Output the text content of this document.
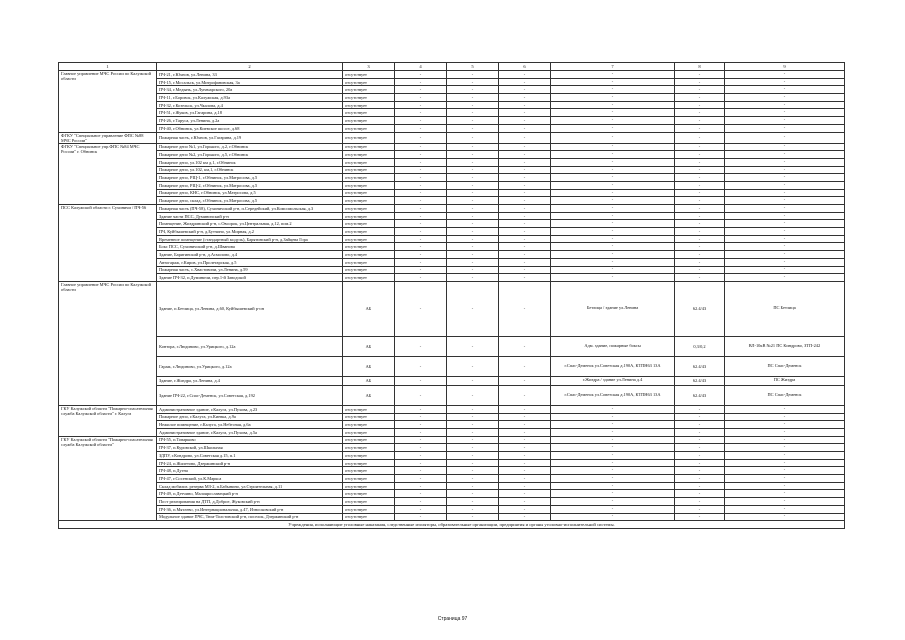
1	2	3	4	5	6	7	8	9
Главное управление МЧС России по Калужской области	ПЧ-21, г.Юхнов, ул.Ленина, 33	отсутствует	-	-	-	-	-	-
	ПЧ-15, г.Мосальск, ул.Митрофановская, 3а	отсутствует	-	-	-	-	-	-
	ПЧ-34, г.Медынь, ул.Луначарского, 20а	отсутствует	-	-	-	-	-	-
	ПЧ-11, г.Боровск, ул.Калужская, д.93а	отсутствует	-	-	-	-	-	-
	ПЧ-32, г.Козельск, ул.Чкалова, д.4	отсутствует	-	-	-	-	-	-
	ПЧ-51, г.Жуков, ул.Гагарина, д.18	отсутствует	-	-	-	-	-	-
	ПЧ-26, г.Таруса, ул.Ленина, д.2а	отсутствует	-	-	-	-	-	-
	ПЧ-40, г.Обнинск, ул.Киевское шоссе, д.68	отсутствует	-	-	-	-	-	-
ФГКУ "Специальное управление ФПС №88 МЧС России"	Пожарная часть, г.Юхнов, ул.Гагарина, д.19	отсутствует	-	-	-	-	-	-
ФГКУ "Специальное упр.ФПС №84 МЧС России" г. Обнинск	Пожарное депо №1, ул.Горького, д.2, г.Обнинск	отсутствует	-	-	-	-	-	-
	Пожарное депо №2, ул.Горького, д.5, г.Обнинск	отсутствует	-	-	-	-	-	-
	Пожарное депо, ул.102 км д.1, г.Обнинск	отсутствует	-	-	-	-	-	-
	Пожарное депо, ул.102, км,1, г.Обнинск	отсутствует	-	-	-	-	-	-
	Пожарное депо, РЩ-1, г.Обнинск, ул.Матросова, д.5	отсутствует	-	-	-	-	-	-
	Пожарное депо, РЩ-2, г.Обнинск, ул.Матросова, д.5	отсутствует	-	-	-	-	-	-
	Пожарное депо, КНС, г.Обнинск, ул.Матросова, д.5	отсутствует	-	-	-	-	-	-
	Пожарное депо, склад, г.Обнинск, ул.Матросова, д.5	отсутствует	-	-	-	-	-	-
ПСС Калужской области г. Сухиничи / ПЧ-56	Пожарная часть (ПЧ-58), Сухиничский р-н, п.Середейский, ул.Комсомольская, д.3	отсутствует	-	-	-	-	-	-
	Здание части ПСС, Думиничский р-н	отсутствует	-	-	-	-	-	-
	Помещение, Жиздринский р-н, с.Овсорок, ул.Центральная, д.12, пом.2	отсутствует	-	-	-	-	-	-
	ПЧ, Куйбышевский р-н, д.Бутчино, ул.Мирная, д.2	отсутствует	-	-	-	-	-	-
	Временное помещение (стандартный модуль), Барятинский р-н, д.Зайцева Гора	отсутствует	-	-	-	-	-	-
	Бокс ПСС, Сухиничский р-н, д.Шванова	отсутствует	-	-	-	-	-	-
	Здание, Барятинский р-н, д.Асмолово, д.4	отсутствует	-	-	-	-	-	-
	Автогараж, г.Киров, ул.Пролетарская, д.5	отсутствует	-	-	-	-	-	-
	Пожарная часть, с.Хвастовичи, ул.Ленина, д.59	отсутствует	-	-	-	-	-	-
	Здание ПЧ-32, п.Думиничи, пер.1-й Заводской	отсутствует	-	-	-	-	-	-
Главное управление МЧС России по Калужской области	Здание, п.Бетлица, ул.Ленина, д.60, Куйбышевский р-он	АБ	-	-	-	Бетлица / здание ул.Ленина	62.4/43	ПС Бетлица
	Контора, г.Людиново, ул.Урицкого, д.12а	АБ	-	-	-	Адм. здание, пожарные боксы	0,3/0,2	ВЛ-10кВ №21 ПС Киндрово, ЗТП-242
	Гараж, г.Людиново, ул.Урицкого, д.12а	АБ	-	-	-	г.Спас-Деменск ул.Советская д.190А, КТПН63 13А	62.4/43	ПС Спас-Деменск
	Здание, г.Жиздра, ул.Ленина, д.4	АБ	-	-	-	г.Жиздра / здание ул.Ленина д.4	62.4/43	ПС Жиздра
	Здание ПЧ-22, г.Спас-Деменск, ул.Советская, д.192	АБ	-	-	-	г.Спас-Деменск ул.Советская д.190А, КТПН63 13А	62.4/43	ПС Спас-Деменск
ГКУ Калужской области "Пожарно-спасательная служба Калужской области" г. Калуга	Административное здание, г.Калуга, ул.Пухова, д.23	отсутствует	-	-	-	-	-	-
	Пожарное депо, г.Калуга, ул.Киевка, д.9а	отсутствует	-	-	-	-	-	-
	Нежилое помещение, г.Калуга, ул.Небесная, д.6а	отсутствует	-	-	-	-	-	-
	Административное здание, г.Калуга, ул.Пухова, д.5а	отсутствует	-	-	-	-	-	-
ГКУ Калужской области "Пожарно-спасательная служба Калужской области"	ПЧ-55, п.Товарково	отсутствует	-	-	-	-	-	-
	ПЧ-37, п.Куровской, ул.Школьная	отсутствует	-	-	-	-	-	-
	ЗДПУ, г.Кондрово, ул.Советская д.15, п.1	отсутствует	-	-	-	-	-	-
	ПЧ-24, п.Жилетово, Дзержинский р-н	отсутствует	-	-	-	-	-	-
	ПЧ-48, п.Дугна	отсутствует	-	-	-	-	-	-
	ПЧ-47, г.Сосенский, ул.К.Маркса	отсутствует	-	-	-	-	-	-
	Склад мобилиз. резерва МЗ-2, п.Бабынино, ул.Строительная, д.11	отсутствует	-	-	-	-	-	-
	ПЧ-49, п.Детчино, Малоярославецкий р-н	отсутствует	-	-	-	-	-	-
	Пост реагирования на ДТП, д.Доброе, Жуковский р-н	отсутствует	-	-	-	-	-	-
	ПЧ-36, п.Мятлево, ул.Интернациональная, д.47, Износковский р-н	отсутствует	-	-	-	-	-	-
	Модульное здание ПЧС, Тюм-Толстовский р-н, поселок, Дзержинский р-н	отсутствует	-	-	-	-	-	-
Учреждения, исполняющие уголовные наказания, следственные изоляторы, образовательные организации, предприятия и органы уголовно-исполнительной системы.								
Страница 97
